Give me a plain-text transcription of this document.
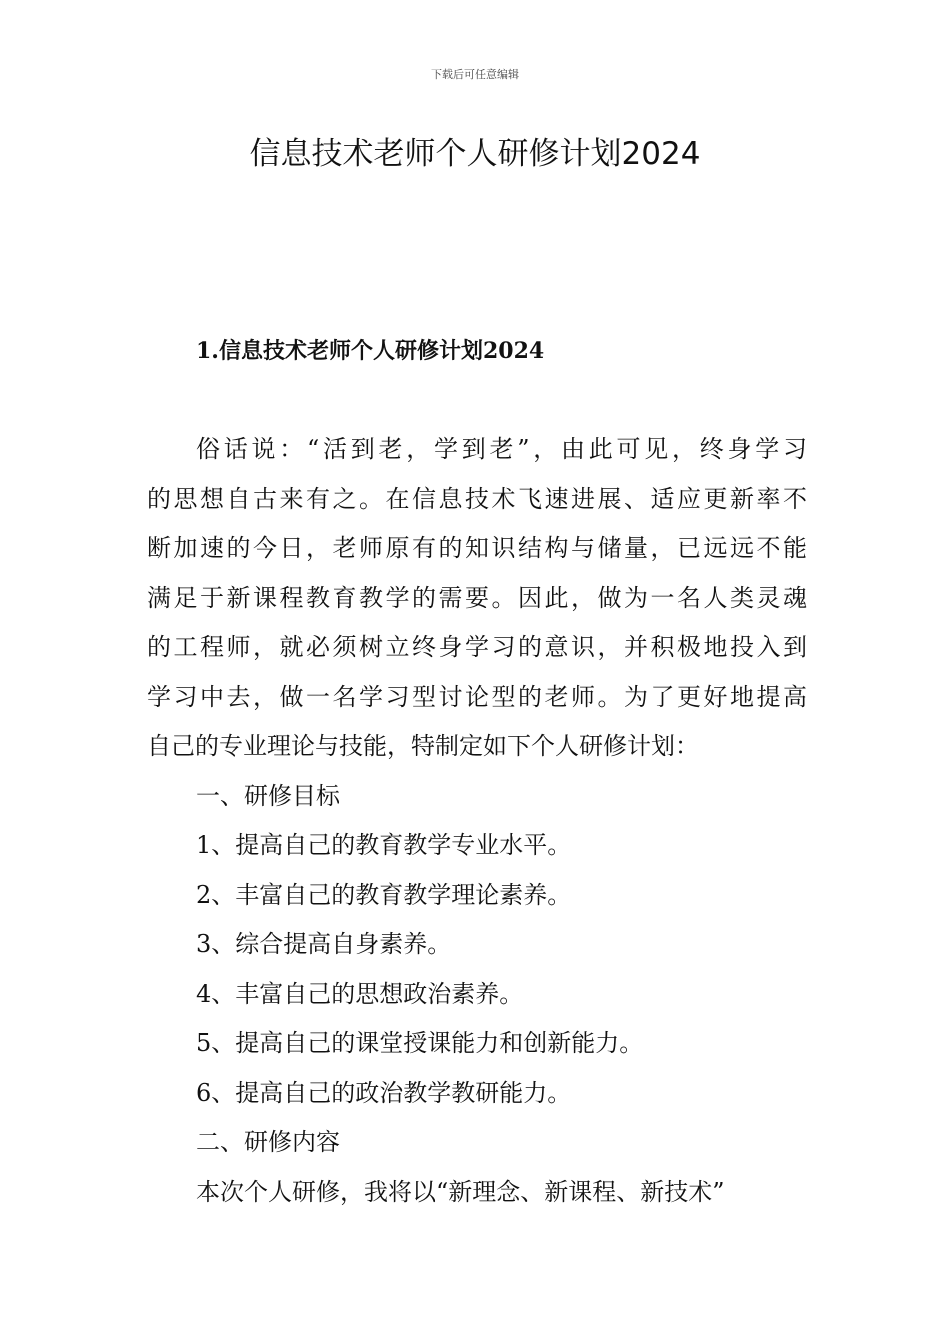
下载后可任意编辑
信息技术老师个人研修计划2024
1.信息技术老师个人研修计划2024
俗话说：“活到老，学到老”，由此可见，终身学习
的思想自古来有之。在信息技术飞速进展、适应更新率不
断加速的今日，老师原有的知识结构与储量，已远远不能
满足于新课程教育教学的需要。因此，做为一名人类灵魂
的工程师，就必须树立终身学习的意识，并积极地投入到
学习中去，做一名学习型讨论型的老师。为了更好地提高
自己的专业理论与技能，特制定如下个人研修计划：
一、研修目标
1、提高自己的教育教学专业水平。
2、丰富自己的教育教学理论素养。
3、综合提高自身素养。
4、丰富自己的思想政治素养。
5、提高自己的课堂授课能力和创新能力。
6、提高自己的政治教学教研能力。
二、研修内容
本次个人研修，我将以“新理念、新课程、新技术”
